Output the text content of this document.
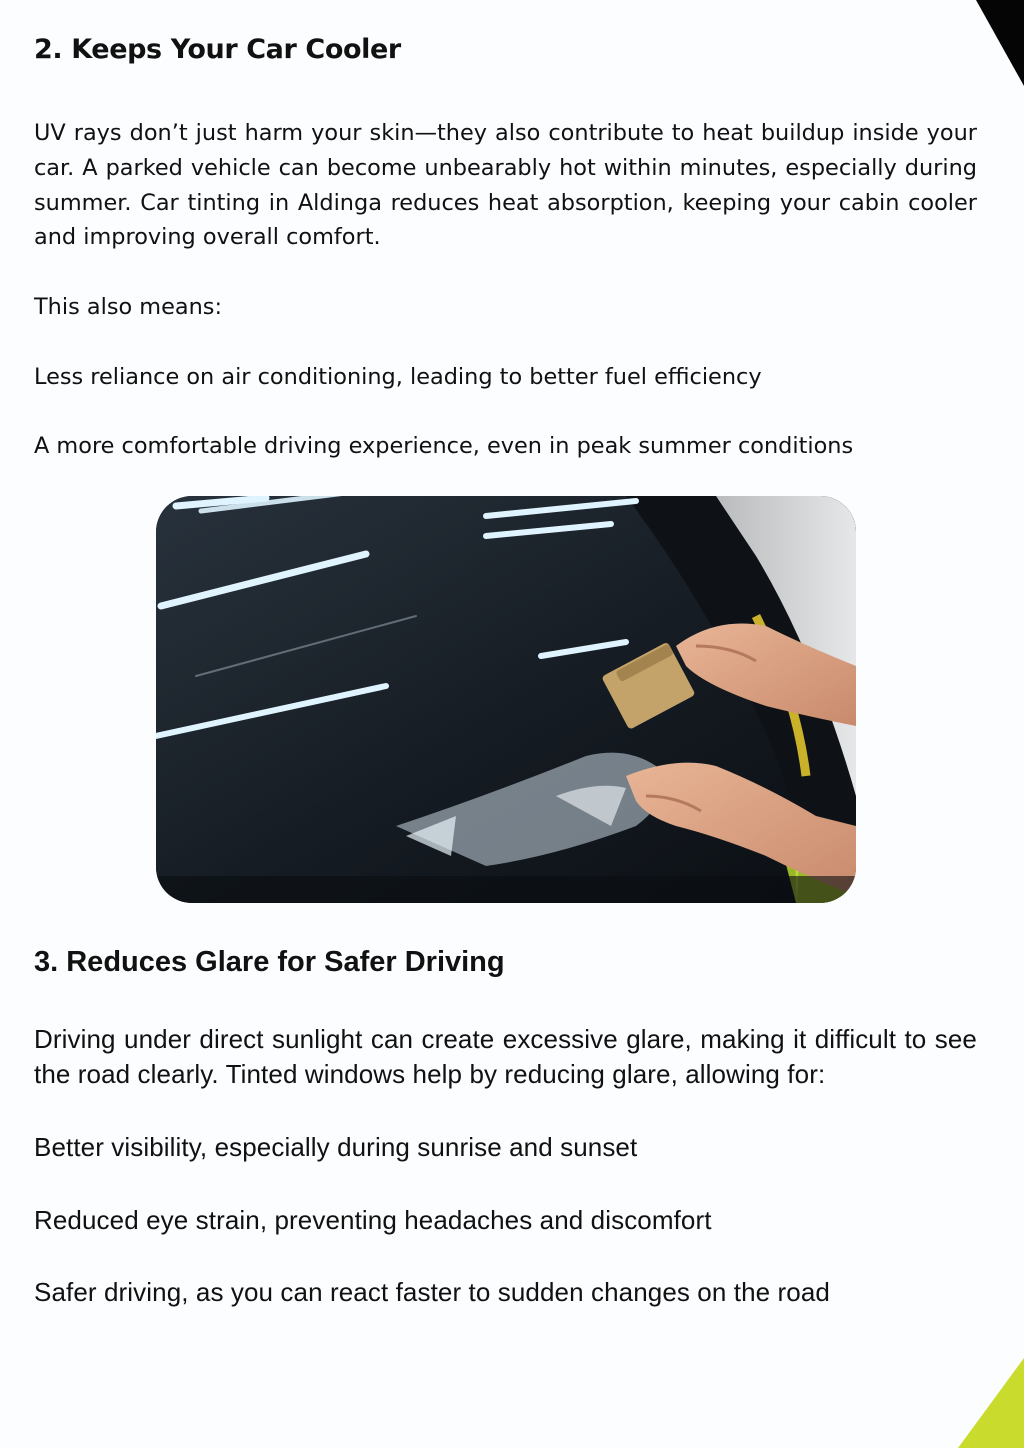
2. Keeps Your Car Cooler

UV rays don’t just harm your skin—they also contribute to heat buildup inside your car. A parked vehicle can become unbearably hot within minutes, especially during summer. Car tinting in Aldinga reduces heat absorption, keeping your cabin cooler and improving overall comfort.

This also means:

Less reliance on air conditioning, leading to better fuel efficiency

A more comfortable driving experience, even in peak summer conditions

3. Reduces Glare for Safer Driving

Driving under direct sunlight can create excessive glare, making it difficult to see the road clearly. Tinted windows help by reducing glare, allowing for:

Better visibility, especially during sunrise and sunset

Reduced eye strain, preventing headaches and discomfort

Safer driving, as you can react faster to sudden changes on the road
